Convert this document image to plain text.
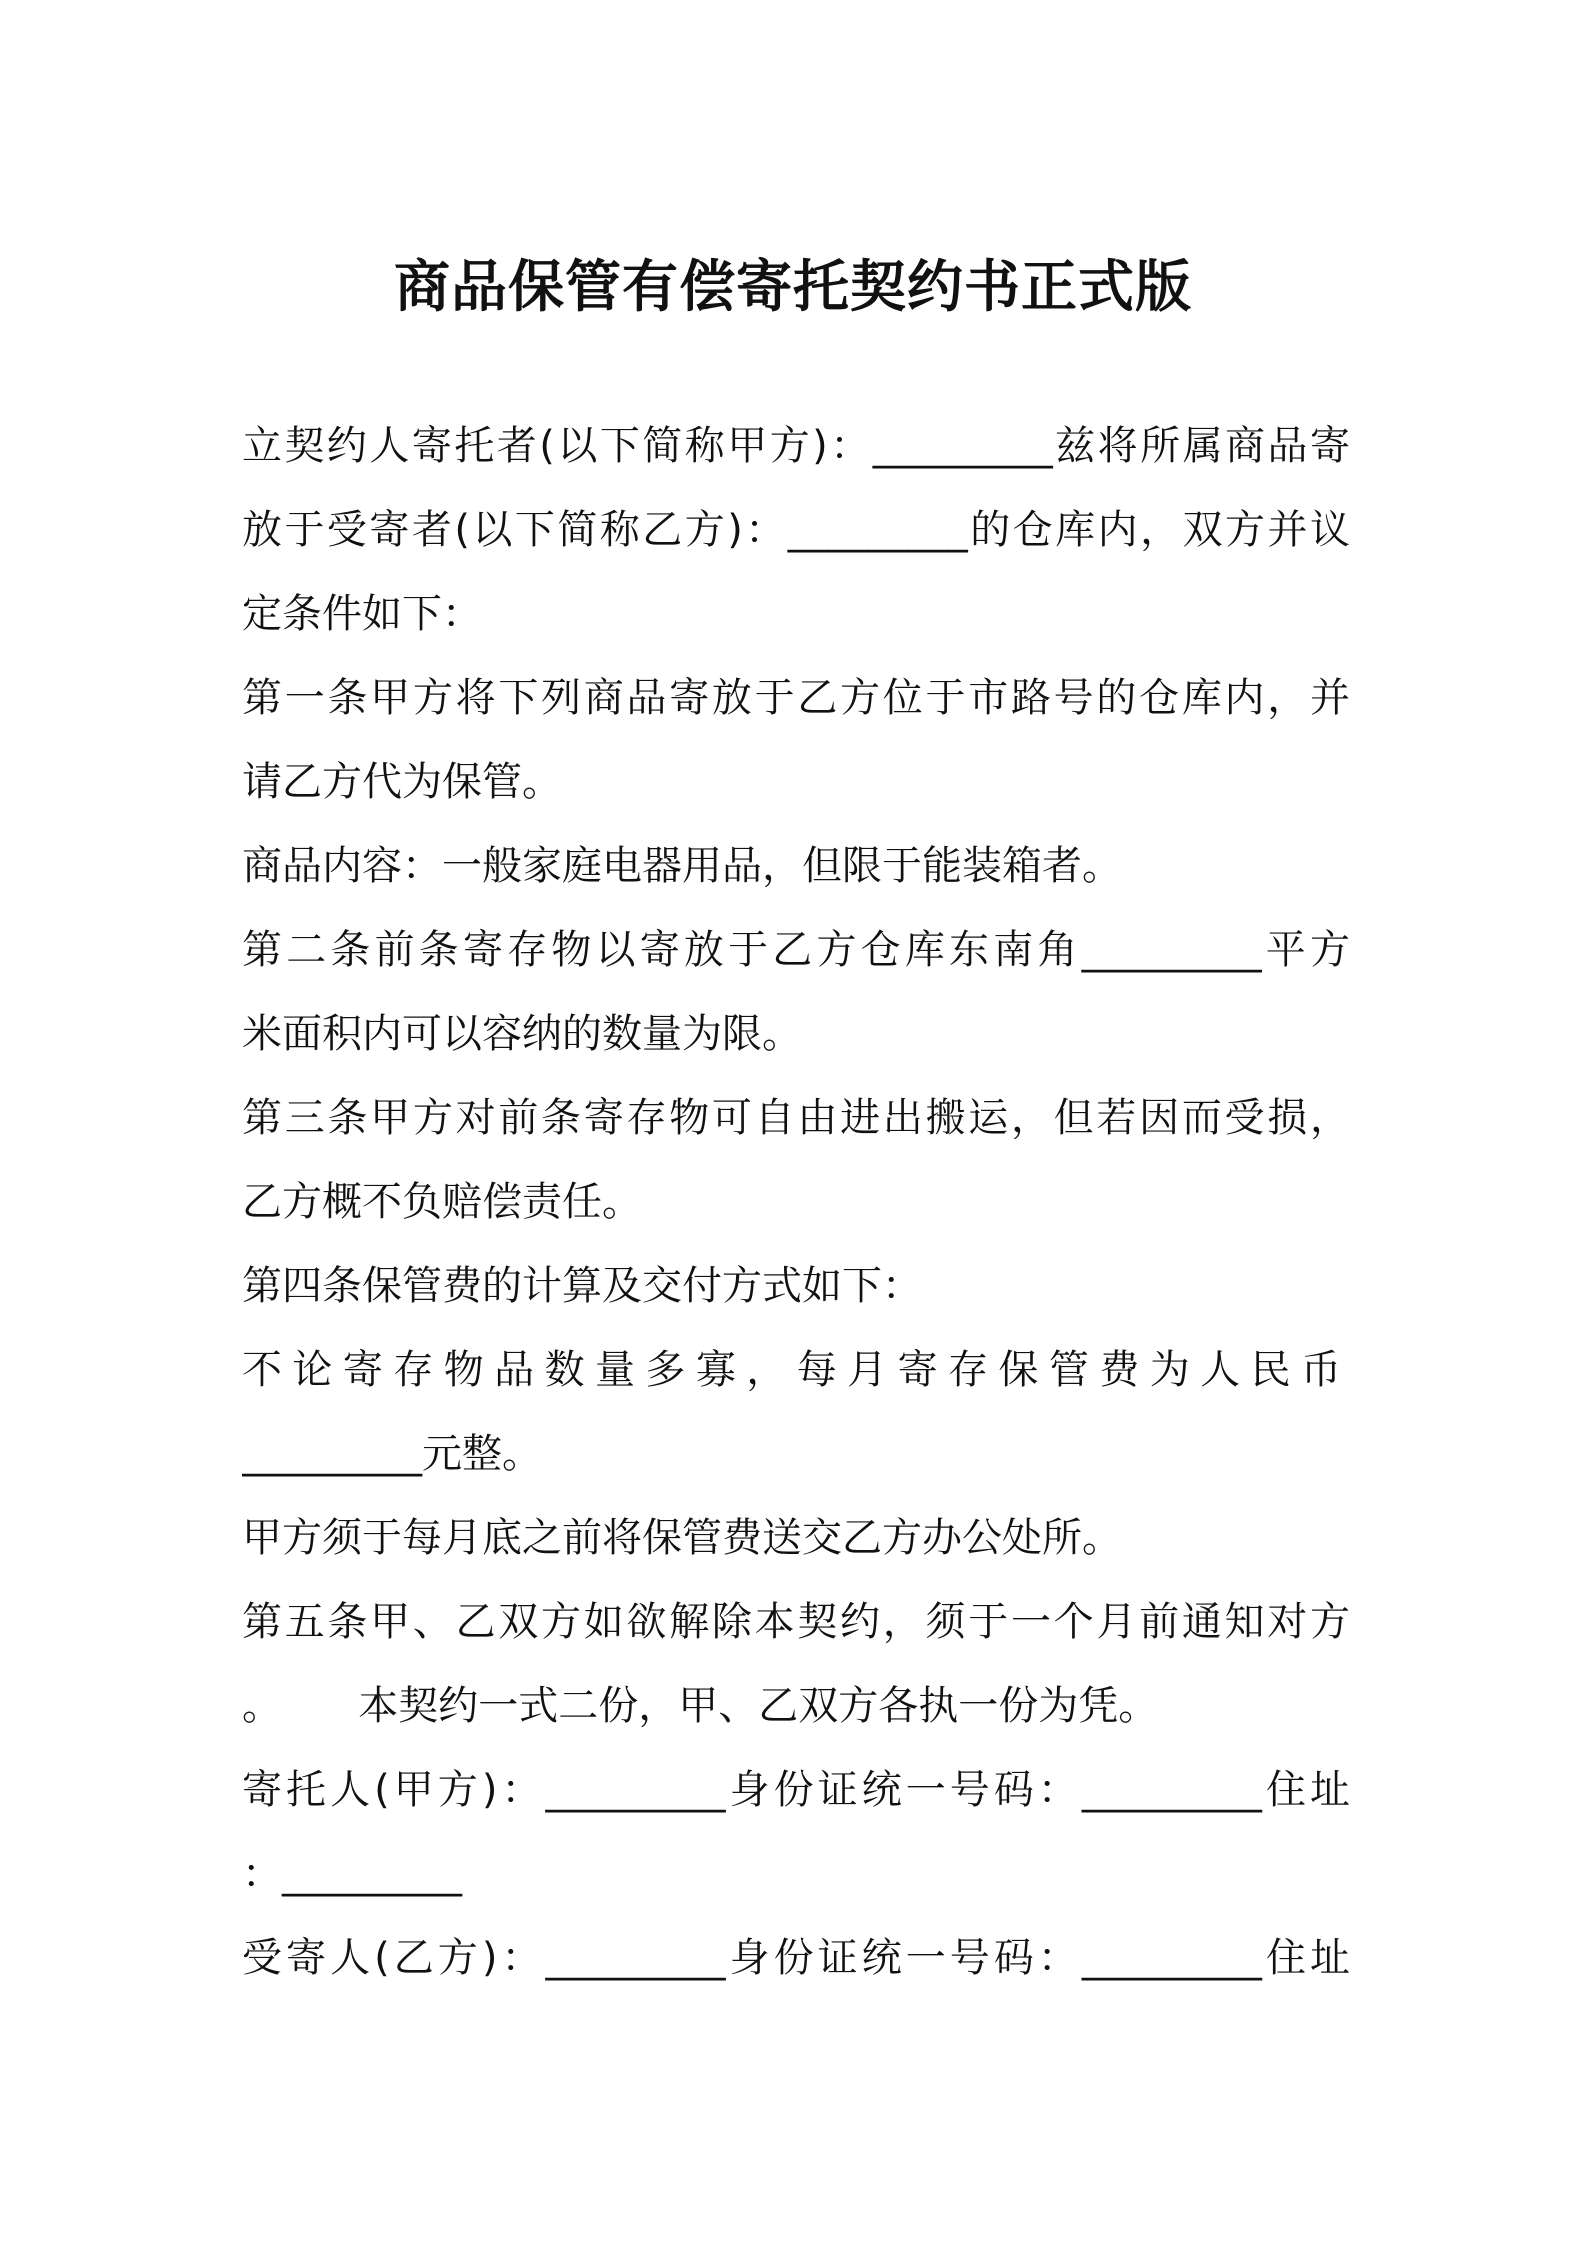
商品保管有偿寄托契约书正式版
立契约人寄托者(以下简称甲方)：_________兹将所属商品寄
放于受寄者(以下简称乙方)：_________的仓库内，双方并议
定条件如下：
第一条甲方将下列商品寄放于乙方位于市路号的仓库内，并
请乙方代为保管。
商品内容：一般家庭电器用品，但限于能装箱者。
第二条前条寄存物以寄放于乙方仓库东南角_________平方
米面积内可以容纳的数量为限。
第三条甲方对前条寄存物可自由进出搬运，但若因而受损，
乙方概不负赔偿责任。
第四条保管费的计算及交付方式如下：
不论寄存物品数量多寡，每月寄存保管费为人民币
_________元整。
甲方须于每月底之前将保管费送交乙方办公处所。
第五条甲、乙双方如欲解除本契约，须于一个月前通知对方
。      本契约一式二份，甲、乙双方各执一份为凭。
寄托人(甲方)：_________身份证统一号码：_________住址
：_________
受寄人(乙方)：_________身份证统一号码：_________住址
